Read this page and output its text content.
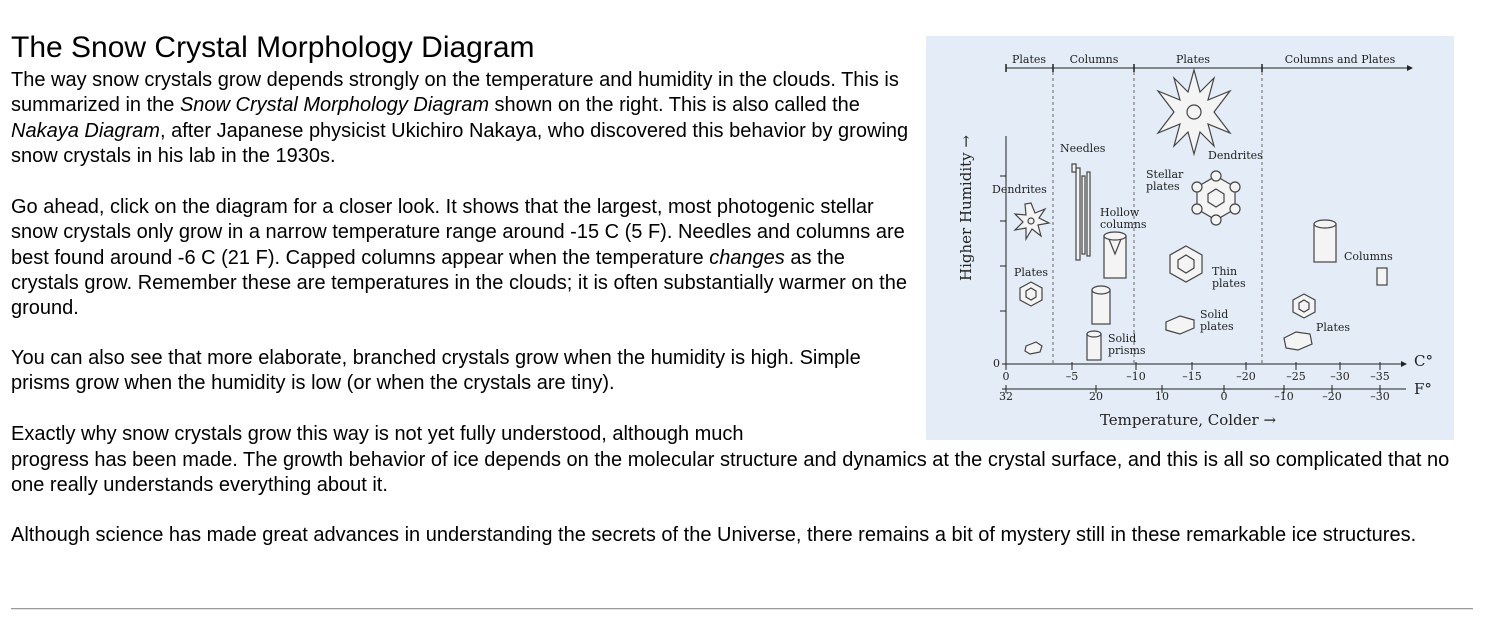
The Snow Crystal Morphology Diagram

The way snow crystals grow depends strongly on the temperature and humidity in the clouds. This is summarized in the Snow Crystal Morphology Diagram shown on the right. This is also called the Nakaya Diagram, after Japanese physicist Ukichiro Nakaya, who discovered this behavior by growing snow crystals in his lab in the 1930s.

Go ahead, click on the diagram for a closer look. It shows that the largest, most photogenic stellar snow crystals only grow in a narrow temperature range around -15 C (5 F). Needles and columns are best found around -6 C (21 F). Capped columns appear when the temperature changes as the crystals grow. Remember these are temperatures in the clouds; it is often substantially warmer on the ground.

You can also see that more elaborate, branched crystals grow when the humidity is high. Simple prisms grow when the humidity is low (or when the crystals are tiny).

Exactly why snow crystals grow this way is not yet fully understood, although much

progress has been made. The growth behavior of ice depends on the molecular structure and dynamics at the crystal surface, and this is all so complicated that no one really understands everything about it.

Although science has made great advances in understanding the secrets of the Universe, there remains a bit of mystery still in these remarkable ice structures.

Plates Columns	Plates	Columns and Plates
Higher Humidity →
0
0	–5	–10	–15	–20	–25 –30 –35
C°
32	20	10	0	–10	–20	–30 F°
Temperature, Colder →
Dendrites
Needles
Dendrites
Stellar
plates
Hollow
columns
Plates	Thin
plates
Columns
Solid
plates	Plates
Solid
prisms
